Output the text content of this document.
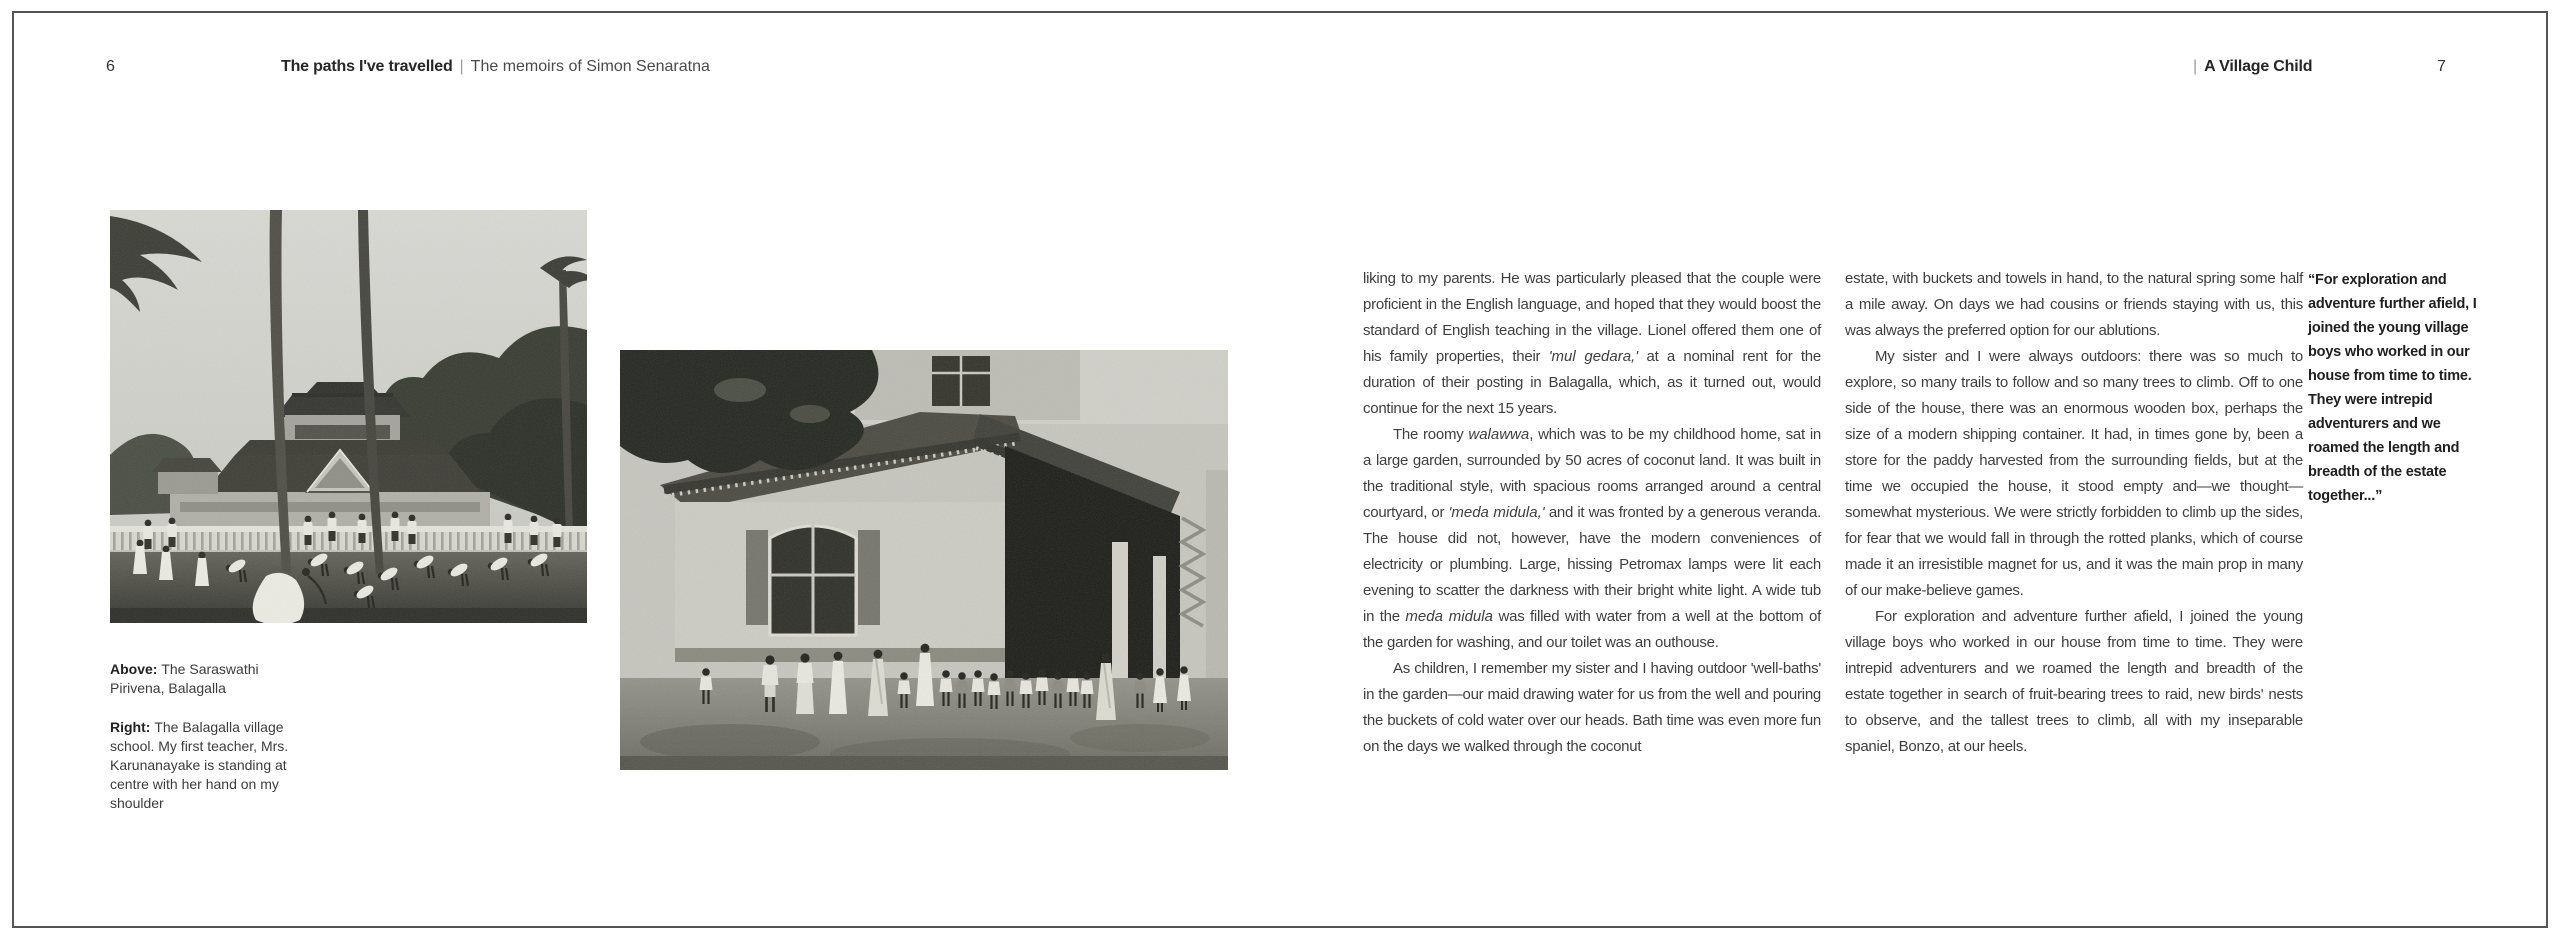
6	The paths I've travelled | The memoirs of Simon Senaratna	| A Village Child	7

Above: The Saraswathi Pirivena, Balagalla

Right: The Balagalla village school. My first teacher, Mrs. Karunanayake is standing at centre with her hand on my shoulder

liking to my parents. He was particularly pleased that the couple were proficient in the English language, and hoped that they would boost the standard of English teaching in the village. Lionel offered them one of his family properties, their 'mul gedara,' at a nominal rent for the duration of their posting in Balagalla, which, as it turned out, would continue for the next 15 years.

The roomy walawwa, which was to be my childhood home, sat in a large garden, surrounded by 50 acres of coconut land. It was built in the traditional style, with spacious rooms arranged around a central courtyard, or 'meda midula,' and it was fronted by a generous veranda. The house did not, however, have the modern conveniences of electricity or plumbing. Large, hissing Petromax lamps were lit each evening to scatter the darkness with their bright white light. A wide tub in the meda midula was filled with water from a well at the bottom of the garden for washing, and our toilet was an outhouse.

As children, I remember my sister and I having outdoor 'well-baths' in the garden—our maid drawing water for us from the well and pouring the buckets of cold water over our heads. Bath time was even more fun on the days we walked through the coconut

estate, with buckets and towels in hand, to the natural spring some half a mile away. On days we had cousins or friends staying with us, this was always the preferred option for our ablutions.

My sister and I were always outdoors: there was so much to explore, so many trails to follow and so many trees to climb. Off to one side of the house, there was an enormous wooden box, perhaps the size of a modern shipping container. It had, in times gone by, been a store for the paddy harvested from the surrounding fields, but at the time we occupied the house, it stood empty and—we thought—somewhat mysterious. We were strictly forbidden to climb up the sides, for fear that we would fall in through the rotted planks, which of course made it an irresistible magnet for us, and it was the main prop in many of our make-believe games.

For exploration and adventure further afield, I joined the young village boys who worked in our house from time to time. They were intrepid adventurers and we roamed the length and breadth of the estate together in search of fruit-bearing trees to raid, new birds' nests to observe, and the tallest trees to climb, all with my inseparable spaniel, Bonzo, at our heels.

“For exploration and adventure further afield, I joined the young village boys who worked in our house from time to time. They were intrepid adventurers and we roamed the length and breadth of the estate together...”
